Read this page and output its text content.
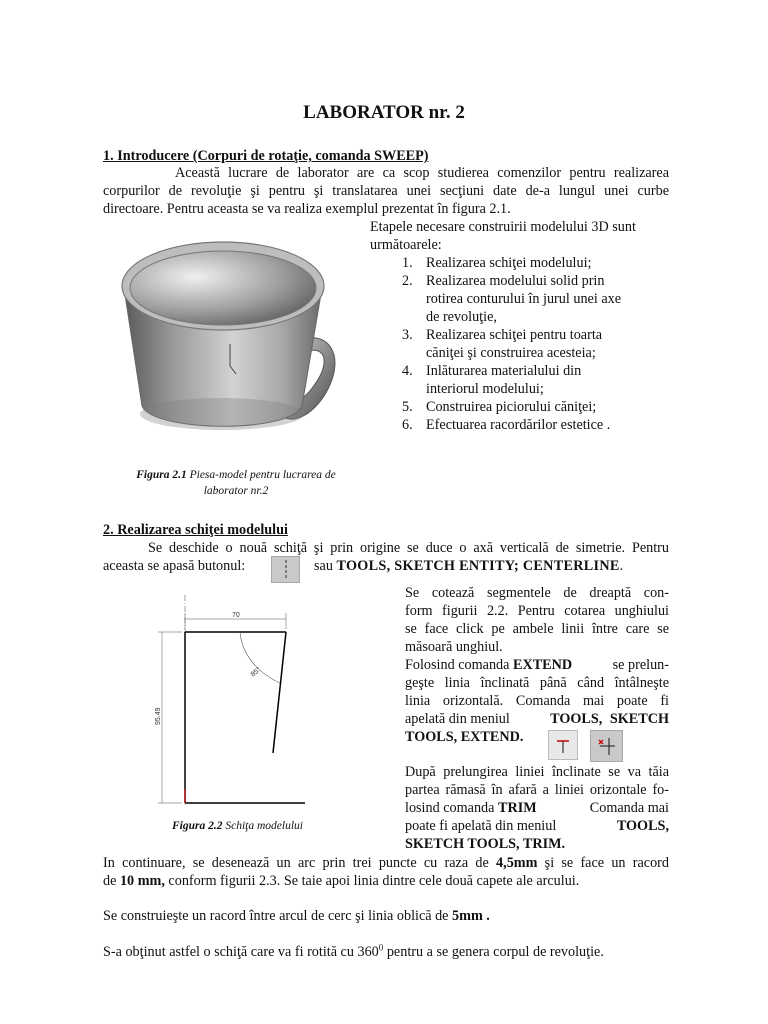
LABORATOR nr. 2
1. Introducere (Corpuri de rotaţie, comanda SWEEP)
Această lucrare de laborator are ca scop studierea comenzilor pentru realizarea
corpurilor de revoluţie şi pentru şi translatarea unei secţiuni date de-a lungul unei curbe
directoare. Pentru aceasta se va realiza exemplul prezentat în figura 2.1.
Figura 2.1 Piesa-model pentru lucrarea de
laborator nr.2
Etapele necesare construirii modelului 3D sunt
următoarele:
1. Realizarea schiţei modelului;
2. Realizarea modelului solid prin
rotirea conturului în jurul unei axe
de revoluţie,
3. Realizarea schiţei pentru toarta
căniţei şi construirea acesteia;
4. Inlăturarea materialului din
interiorul modelului;
5. Construirea piciorului căniţei;
6. Efectuarea racordărilor estetice .
2. Realizarea schiţei modelului
Se deschide o nouă schiţă şi prin origine se duce o axă verticală de simetrie. Pentru
aceasta se apasă butonul:	sau TOOLS, SKETCH ENTITY; CENTERLINE.
70
95.49
85°
Figura 2.2 Schiţa modelului
Se cotează segmentele de dreaptă con-
form figurii 2.2. Pentru cotarea unghiului
se face click pe ambele linii între care se
măsoară unghiul.
Folosind comanda EXTEND	se prelun-
geşte linia înclinată până când întâlneşte
linia orizontală. Comanda mai poate fi
apelată din meniul	TOOLS, SKETCH
TOOLS, EXTEND.
După prelungirea liniei înclinate se va tăia
partea rămasă în afară a liniei orizontale fo-
losind comanda TRIM	Comanda mai
poate fi apelată din meniul	TOOLS,
SKETCH TOOLS, TRIM.
In continuare, se desenează un arc prin trei puncte cu raza de 4,5mm şi se face un racord
de 10 mm, conform figurii 2.3. Se taie apoi linia dintre cele două capete ale arcului.
Se construieşte un racord între arcul de cerc şi linia oblică de 5mm .
S-a obţinut astfel o schiţă care va fi rotită cu $360^0$ pentru a se genera corpul de revoluţie.
